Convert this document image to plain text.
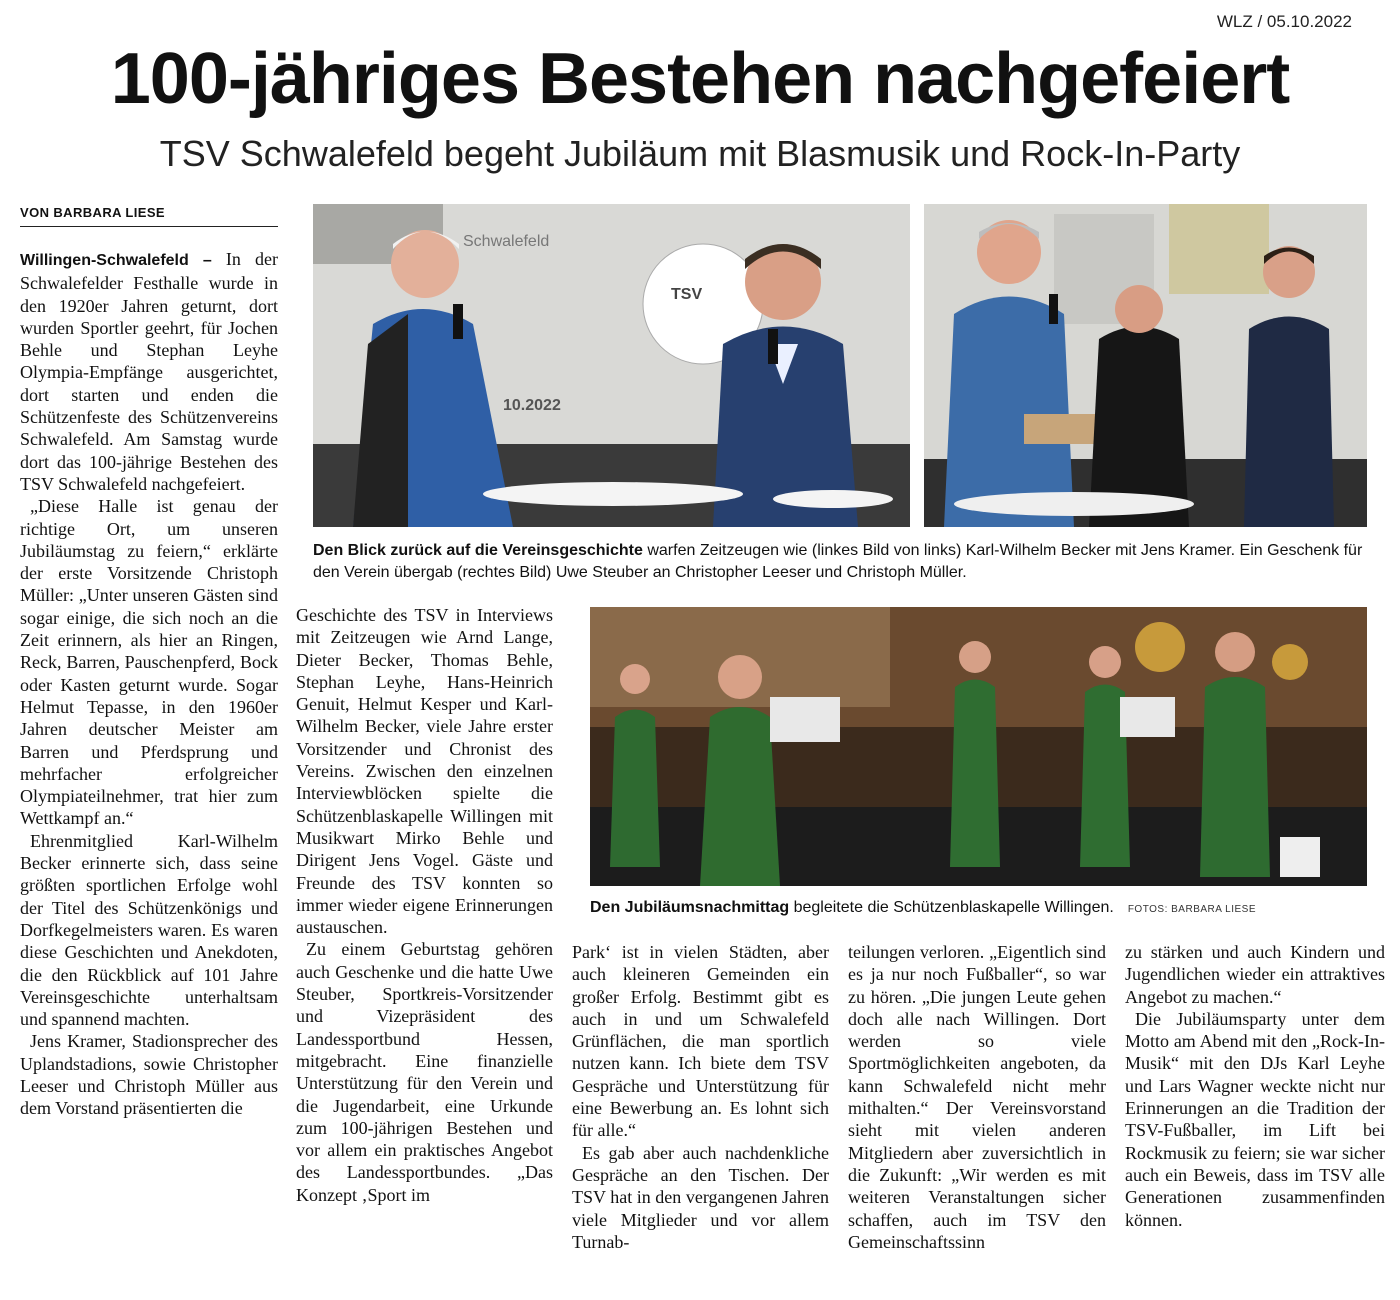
WLZ / 05.10.2022
100-jähriges Bestehen nachgefeiert
TSV Schwalefeld begeht Jubiläum mit Blasmusik und Rock-In-Party
VON BARBARA LIESE

Willingen-Schwalefeld – In der Schwalefelder Festhalle wurde in den 1920er Jahren geturnt, dort wurden Sportler geehrt, für Jochen Behle und Stephan Leyhe Olympia-Empfänge ausgerichtet, dort starten und enden die Schützenfeste des Schützenvereins Schwalefeld. Am Samstag wurde dort das 100-jährige Bestehen des TSV Schwalefeld nachgefeiert.

„Diese Halle ist genau der richtige Ort, um unseren Jubiläumstag zu feiern,“ erklärte der erste Vorsitzende Christoph Müller: „Unter unseren Gästen sind sogar einige, die sich noch an die Zeit erinnern, als hier an Ringen, Reck, Barren, Pauschenpferd, Bock oder Kasten geturnt wurde. Sogar Helmut Tepasse, in den 1960er Jahren deutscher Meister am Barren und Pferdsprung und mehrfacher erfolgreicher Olympiateilnehmer, trat hier zum Wettkampf an.“

Ehrenmitglied Karl-Wilhelm Becker erinnerte sich, dass seine größten sportlichen Erfolge wohl der Titel des Schützenkönigs und Dorfkegelmeisters waren. Es waren diese Geschichten und Anekdoten, die den Rückblick auf 101 Jahre Vereinsgeschichte unterhaltsam und spannend machten.

Jens Kramer, Stadionsprecher des Uplandstadions, sowie Christopher Leeser und Christoph Müller aus dem Vorstand präsentierten die

Schwalefeld
TSV
10.2022

Den Blick zurück auf die Vereinsgeschichte warfen Zeitzeugen wie (linkes Bild von links) Karl-Wilhelm Becker mit Jens Kramer. Ein Geschenk für den Verein übergab (rechtes Bild) Uwe Steuber an Christopher Leeser und Christoph Müller.

Geschichte des TSV in Interviews mit Zeitzeugen wie Arnd Lange, Dieter Becker, Thomas Behle, Stephan Leyhe, Hans-Heinrich Genuit, Helmut Kesper und Karl-Wilhelm Becker, viele Jahre erster Vorsitzender und Chronist des Vereins. Zwischen den einzelnen Interviewblöcken spielte die Schützenblaskapelle Willingen mit Musikwart Mirko Behle und Dirigent Jens Vogel. Gäste und Freunde des TSV konnten so immer wieder eigene Erinnerungen austauschen.

Zu einem Geburtstag gehören auch Geschenke und die hatte Uwe Steuber, Sportkreis-Vorsitzender und Vizepräsident des Landessportbund Hessen, mitgebracht. Eine finanzielle Unterstützung für den Verein und die Jugendarbeit, eine Urkunde zum 100-jährigen Bestehen und vor allem ein praktisches Angebot des Landessportbundes. „Das Konzept ‚Sport im

Den Jubiläumsnachmittag begleitete die Schützenblaskapelle Willingen. FOTOS: BARBARA LIESE

Park‘ ist in vielen Städten, aber auch kleineren Gemeinden ein großer Erfolg. Bestimmt gibt es auch in und um Schwalefeld Grünflächen, die man sportlich nutzen kann. Ich biete dem TSV Gespräche und Unterstützung für eine Bewerbung an. Es lohnt sich für alle.“

Es gab aber auch nachdenkliche Gespräche an den Tischen. Der TSV hat in den vergangenen Jahren viele Mitglieder und vor allem Turnab-

teilungen verloren. „Eigentlich sind es ja nur noch Fußballer“, so war zu hören. „Die jungen Leute gehen doch alle nach Willingen. Dort werden so viele Sportmöglichkeiten angeboten, da kann Schwalefeld nicht mehr mithalten.“ Der Vereinsvorstand sieht mit vielen anderen Mitgliedern aber zuversichtlich in die Zukunft: „Wir werden es mit weiteren Veranstaltungen sicher schaffen, auch im TSV den Gemeinschaftssinn

zu stärken und auch Kindern und Jugendlichen wieder ein attraktives Angebot zu machen.“

Die Jubiläumsparty unter dem Motto am Abend mit den „Rock-In-Musik“ mit den DJs Karl Leyhe und Lars Wagner weckte nicht nur Erinnerungen an die Tradition der TSV-Fußballer, im Lift bei Rockmusik zu feiern; sie war sicher auch ein Beweis, dass im TSV alle Generationen zusammenfinden können.
